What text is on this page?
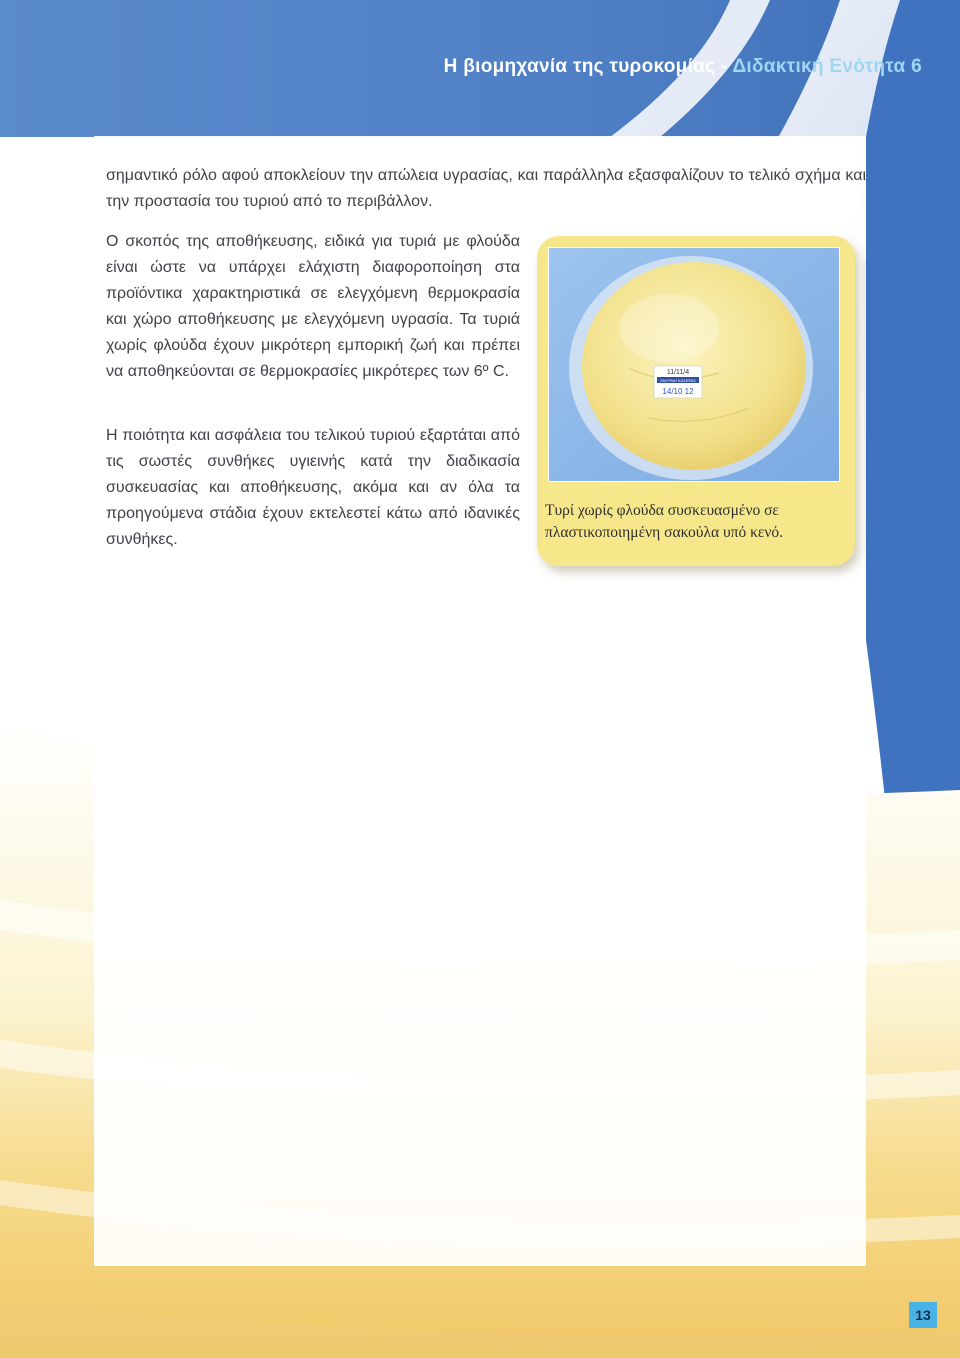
Η βιομηχανία της τυροκομίας - Διδακτική Ενότητα 6

σημαντικό ρόλο αφού αποκλείουν την απώλεια υγρασίας, και παράλληλα εξασφαλίζουν το τελικό σχήμα και την προστασία του τυριού από το περιβάλλον.

Ο σκοπός της αποθήκευσης, ειδικά για τυριά με φλούδα είναι ώστε να υπάρχει ελάχιστη διαφοροποίηση στα προϊόντικα χαρακτηριστικά σε ελεγχόμενη θερμοκρασία και χώρο αποθήκευσης με ελεγχόμενη υγρασία. Τα τυριά χωρίς φλούδα έχουν μικρότερη εμπορική ζωή και πρέπει να αποθηκεύονται σε θερμοκρασίες μικρότερες των 6º C.

Η ποιότητα και ασφάλεια του τελικού τυριού εξαρτάται από τις σωστές συνθήκες υγιεινής κατά την διαδικασία συσκευασίας και αποθήκευσης, ακόμα και αν όλα τα προηγούμενα στάδια έχουν εκτελεστεί κάτω από ιδανικές συνθήκες.

11/11/4
ΣΜΥΡΝΗ ΚΑΣΕΡΑΣ
14/10 12

Τυρί χωρίς φλούδα συσκευασμένο σε πλαστικοποιημένη σακούλα υπό κενό.

13
